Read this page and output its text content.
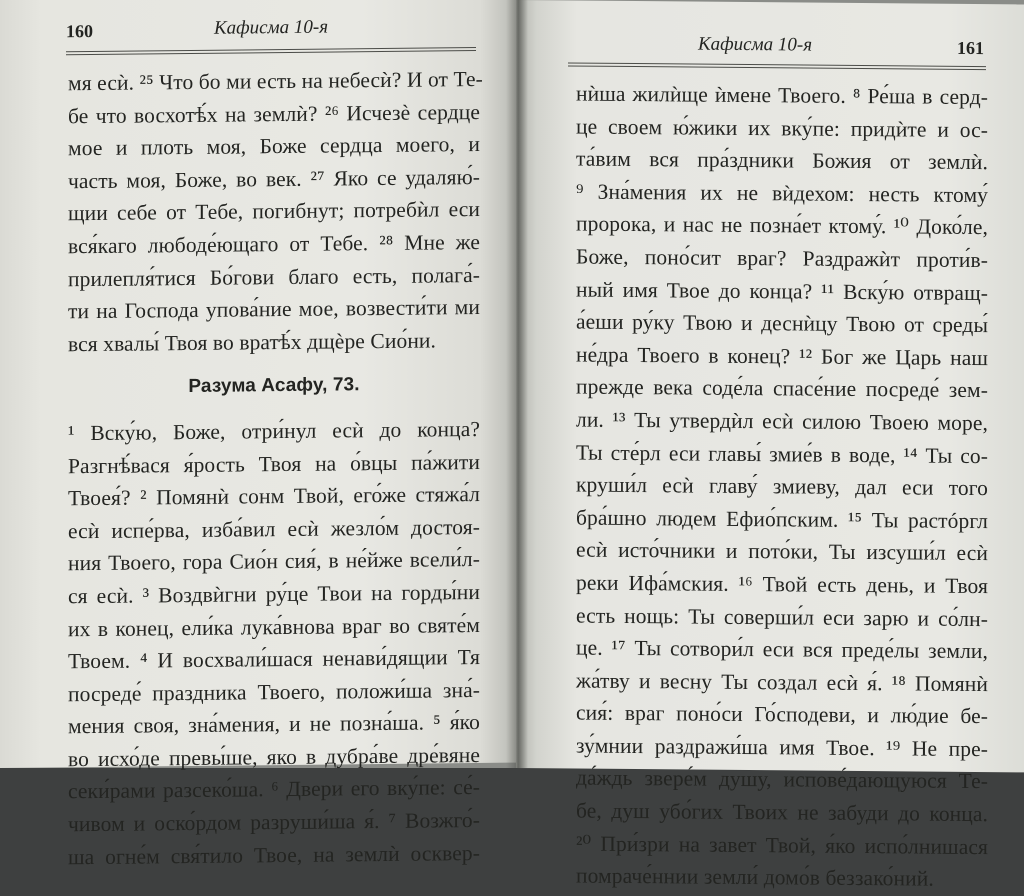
160	Кафисма 10-я
мя есѝ. ²⁵ Что бо ми есть на небесѝ? И от Те-
бе что восхотѣ́х на землѝ? ²⁶ Исчезѐ сердце
мое и плоть моя, Боже сердца моего, и
часть моя, Боже, во век. ²⁷ Яко се удаляю́-
щии себе от Тебе, погибнут; потребѝл еси
вся́каго любоде́ющаго от Тебе. ²⁸ Мне же
прилепля́тися Бо́гови благо есть, полага́-
ти на Господа упова́ние мое, возвести́ти ми
вся хвалы́ Твоя во вратѣ́х дщѐре Сио́ни.
Разума Асафу, 73.
¹ Вску́ю, Боже, отри́нул есѝ до конца?
Разгнѣ́вася я́рость Твоя на о́вцы па́жити
Твоея́? ² Помянѝ сонм Твой, его́же стяжа́л
есѝ испе́рва, изба́вил есѝ жезло́м достоя-
ния Твоего, гора Сио́н сия́, в не́йже всели́л-
ся есѝ. ³ Воздвѝгни ру́це Твои на горды́ни
их в конец, ели́ка лука́внова враг во святе́м
Твоем. ⁴ И восхвали́шася ненави́дящии Тя
посреде́ праздника Твоего, положи́ша зна́-
мения своя, зна́мения, и не позна́ша. ⁵ я́ко
во исхо́де превы́ше, яко в дубра́ве дре́вяне
секи́рами разсеко́ша. ⁶ Двери его вку́пе: се́-
чивом и оско́рдом разруши́ша я́. ⁷ Возжго́-
ша огне́м свя́тило Твое, на землѝ осквер-
Кафисма 10-я	161
нѝша жилѝще ѝмене Твоего. ⁸ Ре́ша в серд-
це своем ю́жики их вку́пе: придѝте и ос-
та́вим вся пра́здники Божия от землѝ.
⁹ Зна́мения их не вѝдехом: несть ктому́
пророка, и нас не позна́ет ктому́. ¹⁰ Доко́ле,
Боже, поно́сит враг? Раздражѝт проти́в-
ный имя Твое до конца? ¹¹ Вску́ю отвращ-
а́еши ру́ку Твою и деснѝцу Твою от среды́
не́дра Твоего в конец? ¹² Бог же Царь наш
прежде века соде́ла спасе́ние посреде́ зем-
ли. ¹³ Ты утвердѝл есѝ силою Твоею море,
Ты сте́рл еси главы́ змие́в в воде, ¹⁴ Ты со-
круши́л есѝ главу́ змиеву, дал еси того
бра́шно людем Ефио́пским. ¹⁵ Ты растóргл
есѝ исто́чники и пото́ки, Ты изсуши́л есѝ
реки Ифа́мския. ¹⁶ Твой есть день, и Твоя
есть нощь: Ты соверши́л еси зарю и со́лн-
це. ¹⁷ Ты сотвори́л еси вся преде́лы земли,
жа́тву и весну Ты создал есѝ я́. ¹⁸ Помянѝ
сия́: враг поно́си Го́сподеви, и лю́дие бе-
зу́мнии раздражи́ша имя Твое. ¹⁹ Не пре-
да́ждь звере́м душу, испове́дающуюся Те-
бе, душ убо́гих Твоих не забуди до конца.
²⁰ При́зри на завет Твой, я́ко испо́лнишася
помраче́ннии земли́ домо́в беззако́ний.
